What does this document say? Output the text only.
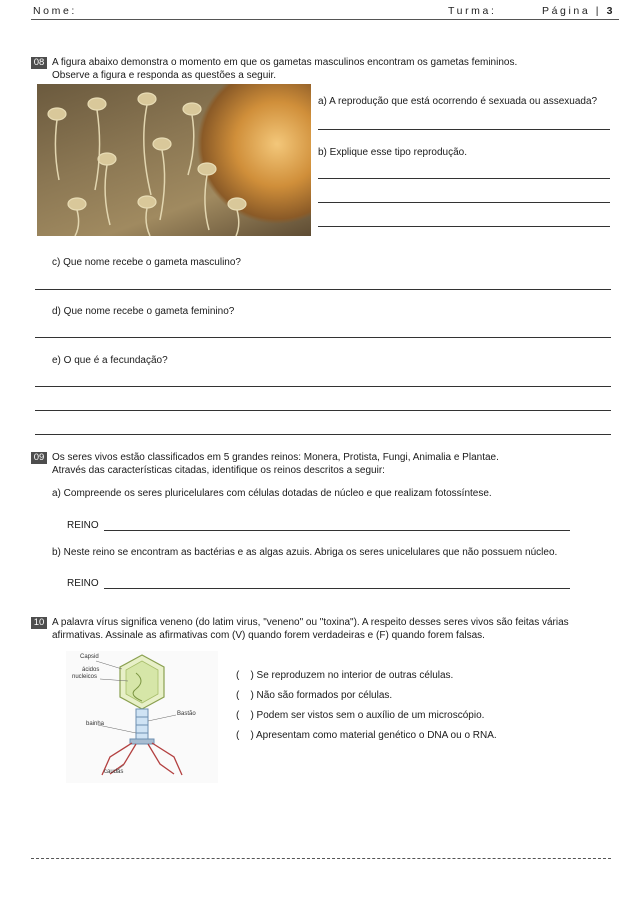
Nome:	Turma:	Página | 3
08 A figura abaixo demonstra o momento em que os gametas masculinos encontram os gametas femininos.
Observe a figura e responda as questões a seguir.
a) A reprodução que está ocorrendo é sexuada ou assexuada?
b) Explique esse tipo reprodução.
c) Que nome recebe o gameta masculino?
d) Que nome recebe o gameta feminino?
e) O que é a fecundação?
09 Os seres vivos estão classificados em 5 grandes reinos: Monera, Protista, Fungi, Animalia e Plantae.
Através das características citadas, identifique os reinos descritos a seguir:
a) Compreende os seres pluricelulares com células dotadas de núcleo e que realizam fotossíntese.
REINO
b) Neste reino se encontram as bactérias e as algas azuis. Abriga os seres unicelulares que não possuem núcleo.
REINO
10 A palavra vírus significa veneno (do latim virus, "veneno" ou "toxina"). A respeito desses seres vivos são feitas várias
afirmativas. Assinale as afirmativas com (V) quando forem verdadeiras e (F) quando forem falsas.
Capsid
ácidos
nucleicos
Bastão
bainha
caudas
(    ) Se reproduzem no interior de outras células.
(    ) Não são formados por células.
(    ) Podem ser vistos sem o auxílio de um microscópio.
(    ) Apresentam como material genético o DNA ou o RNA.
